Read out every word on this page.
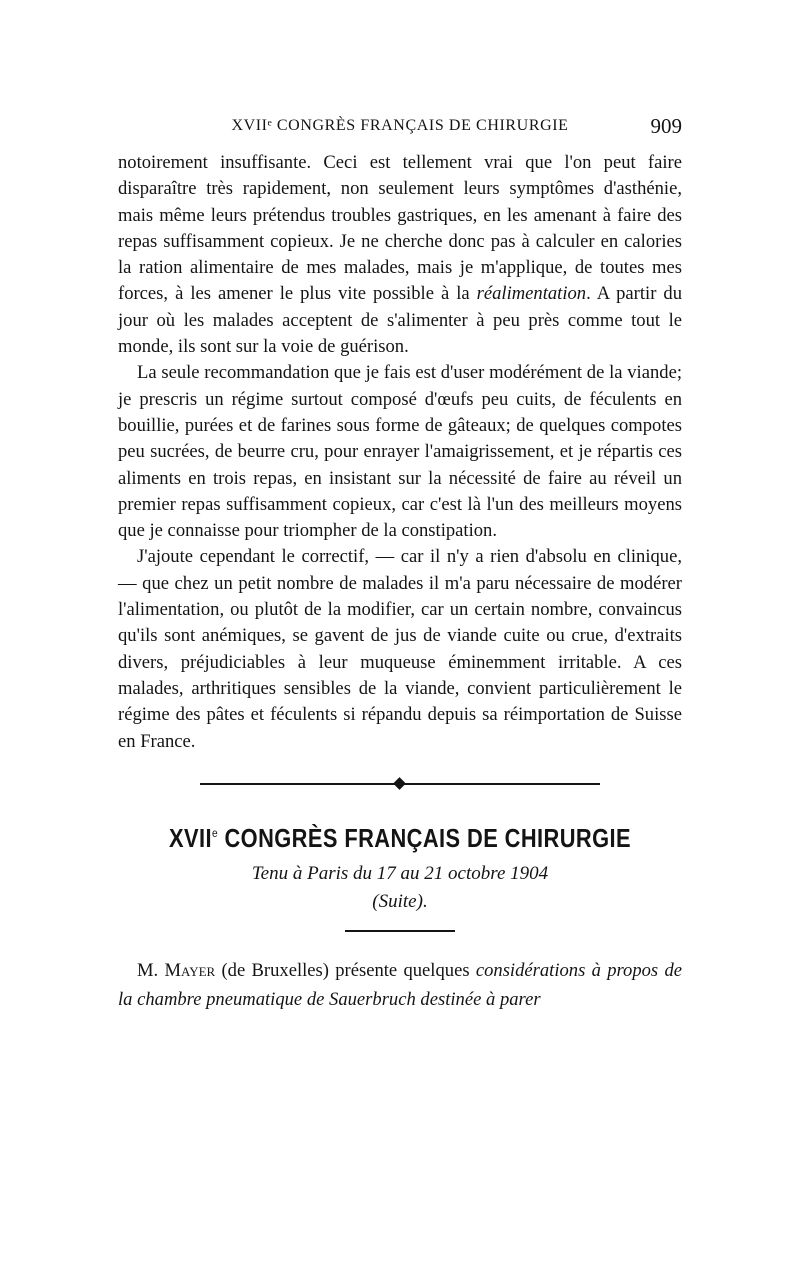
XVIIᵉ CONGRÈS FRANÇAIS DE CHIRURGIE	909

notoirement insuffisante. Ceci est tellement vrai que l'on peut faire disparaître très rapidement, non seulement leurs symptômes d'asthénie, mais même leurs prétendus troubles gastriques, en les amenant à faire des repas suffisamment copieux. Je ne cherche donc pas à calculer en calories la ration alimentaire de mes malades, mais je m'applique, de toutes mes forces, à les amener le plus vite possible à la réalimentation. A partir du jour où les malades acceptent de s'alimenter à peu près comme tout le monde, ils sont sur la voie de guérison.

La seule recommandation que je fais est d'user modérément de la viande; je prescris un régime surtout composé d'œufs peu cuits, de féculents en bouillie, purées et de farines sous forme de gâteaux; de quelques compotes peu sucrées, de beurre cru, pour enrayer l'amaigrissement, et je répartis ces aliments en trois repas, en insistant sur la nécessité de faire au réveil un premier repas suffisamment copieux, car c'est là l'un des meilleurs moyens que je connaisse pour triompher de la constipation.

J'ajoute cependant le correctif, — car il n'y a rien d'absolu en clinique, — que chez un petit nombre de malades il m'a paru nécessaire de modérer l'alimentation, ou plutôt de la modifier, car un certain nombre, convaincus qu'ils sont anémiques, se gavent de jus de viande cuite ou crue, d'extraits divers, préjudiciables à leur muqueuse éminemment irritable. A ces malades, arthritiques sensibles de la viande, convient particulièrement le régime des pâtes et féculents si répandu depuis sa réimportation de Suisse en France.

XVIIe CONGRÈS FRANÇAIS DE CHIRURGIE
Tenu à Paris du 17 au 21 octobre 1904
(Suite).

M. Mayer (de Bruxelles) présente quelques considérations à propos de la chambre pneumatique de Sauerbruch destinée à parer
